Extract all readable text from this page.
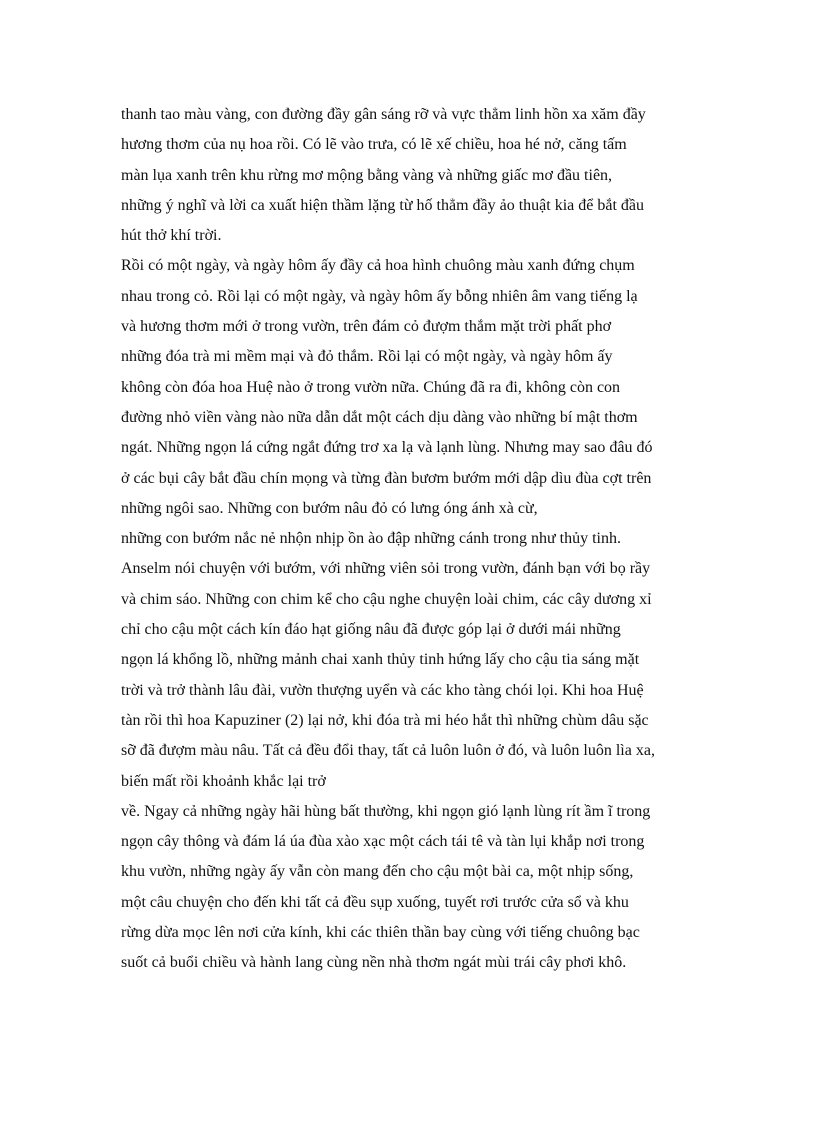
thanh tao màu vàng, con đường đầy gân sáng rỡ và vực thẳm linh hồn xa xăm đầy
hương thơm của nụ hoa rồi. Có lẽ vào trưa, có lẽ xế chiều, hoa hé nở, căng tấm
màn lụa xanh trên khu rừng mơ mộng bằng vàng và những giấc mơ đầu tiên,
những ý nghĩ và lời ca xuất hiện thầm lặng từ hố thẳm đầy ảo thuật kia để bắt đầu
hút thở khí trời.
Rồi có một ngày, và ngày hôm ấy đầy cả hoa hình chuông màu xanh đứng chụm
nhau trong cỏ. Rồi lại có một ngày, và ngày hôm ấy bỗng nhiên âm vang tiếng lạ
và hương thơm mới ở trong vườn, trên đám cỏ đượm thắm mặt trời phất phơ
những đóa trà mi mềm mại và đỏ thắm. Rồi lại có một ngày, và ngày hôm ấy
không còn đóa hoa Huệ nào ở trong vườn nữa. Chúng đã ra đi, không còn con
đường nhỏ viền vàng nào nữa dẫn dắt một cách dịu dàng vào những bí mật thơm
ngát. Những ngọn lá cứng ngắt đứng trơ xa lạ và lạnh lùng. Nhưng may sao đâu đó
ở các bụi cây bắt đầu chín mọng và từng đàn bươm bướm mới dập dìu đùa cợt trên
những ngôi sao. Những con bướm nâu đỏ có lưng óng ánh xà cừ,
những con bướm nắc nẻ nhộn nhịp ồn ào đập những cánh trong như thủy tinh.
Anselm nói chuyện với bướm, với những viên sỏi trong vườn, đánh bạn với bọ rầy
và chim sáo. Những con chim kể cho cậu nghe chuyện loài chim, các cây dương xỉ
chỉ cho cậu một cách kín đáo hạt giống nâu đã được góp lại ở dưới mái những
ngọn lá khổng lồ, những mảnh chai xanh thủy tinh hứng lấy cho cậu tia sáng mặt
trời và trở thành lâu đài, vườn thượng uyển và các kho tàng chói lọi. Khi hoa Huệ
tàn rồi thì hoa Kapuziner (2) lại nở, khi đóa trà mi héo hắt thì những chùm dâu sặc
sỡ đã đượm màu nâu. Tất cả đều đổi thay, tất cả luôn luôn ở đó, và luôn luôn lìa xa,
biến mất rồi khoảnh khắc lại trở
về. Ngay cả những ngày hãi hùng bất thường, khi ngọn gió lạnh lùng rít ầm ĩ trong
ngọn cây thông và đám lá úa đùa xào xạc một cách tái tê và tàn lụi khắp nơi trong
khu vườn, những ngày ấy vẫn còn mang đến cho cậu một bài ca, một nhịp sống,
một câu chuyện cho đến khi tất cả đều sụp xuống, tuyết rơi trước cửa sổ và khu
rừng dừa mọc lên nơi cửa kính, khi các thiên thần bay cùng với tiếng chuông bạc
suốt cả buổi chiều và hành lang cùng nền nhà thơm ngát mùi trái cây phơi khô.
